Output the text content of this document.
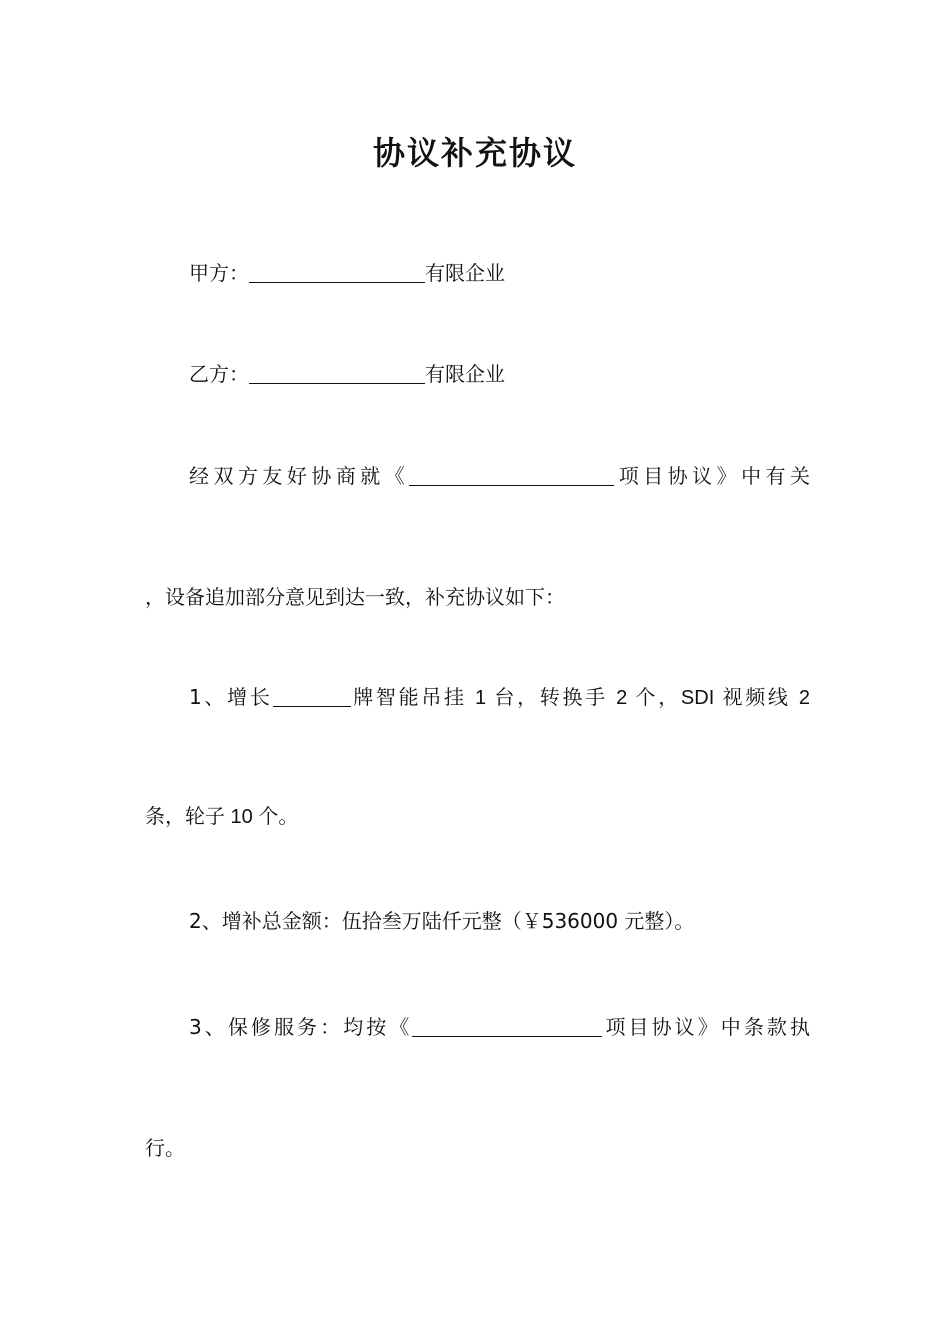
协议补充协议
甲方：	有限企业
乙方：	有限企业
经双方友好协商就《	项目协议》中有关
，设备追加部分意见到达一致，补充协议如下：
1、增长	牌智能吊挂 1 台，转换手 2 个，SDI 视频线 2
条，轮子 10 个。
2、增补总金额：伍拾叁万陆仟元整（￥536000 元整）。
3、保修服务：均按《	项目协议》中条款执
行。
